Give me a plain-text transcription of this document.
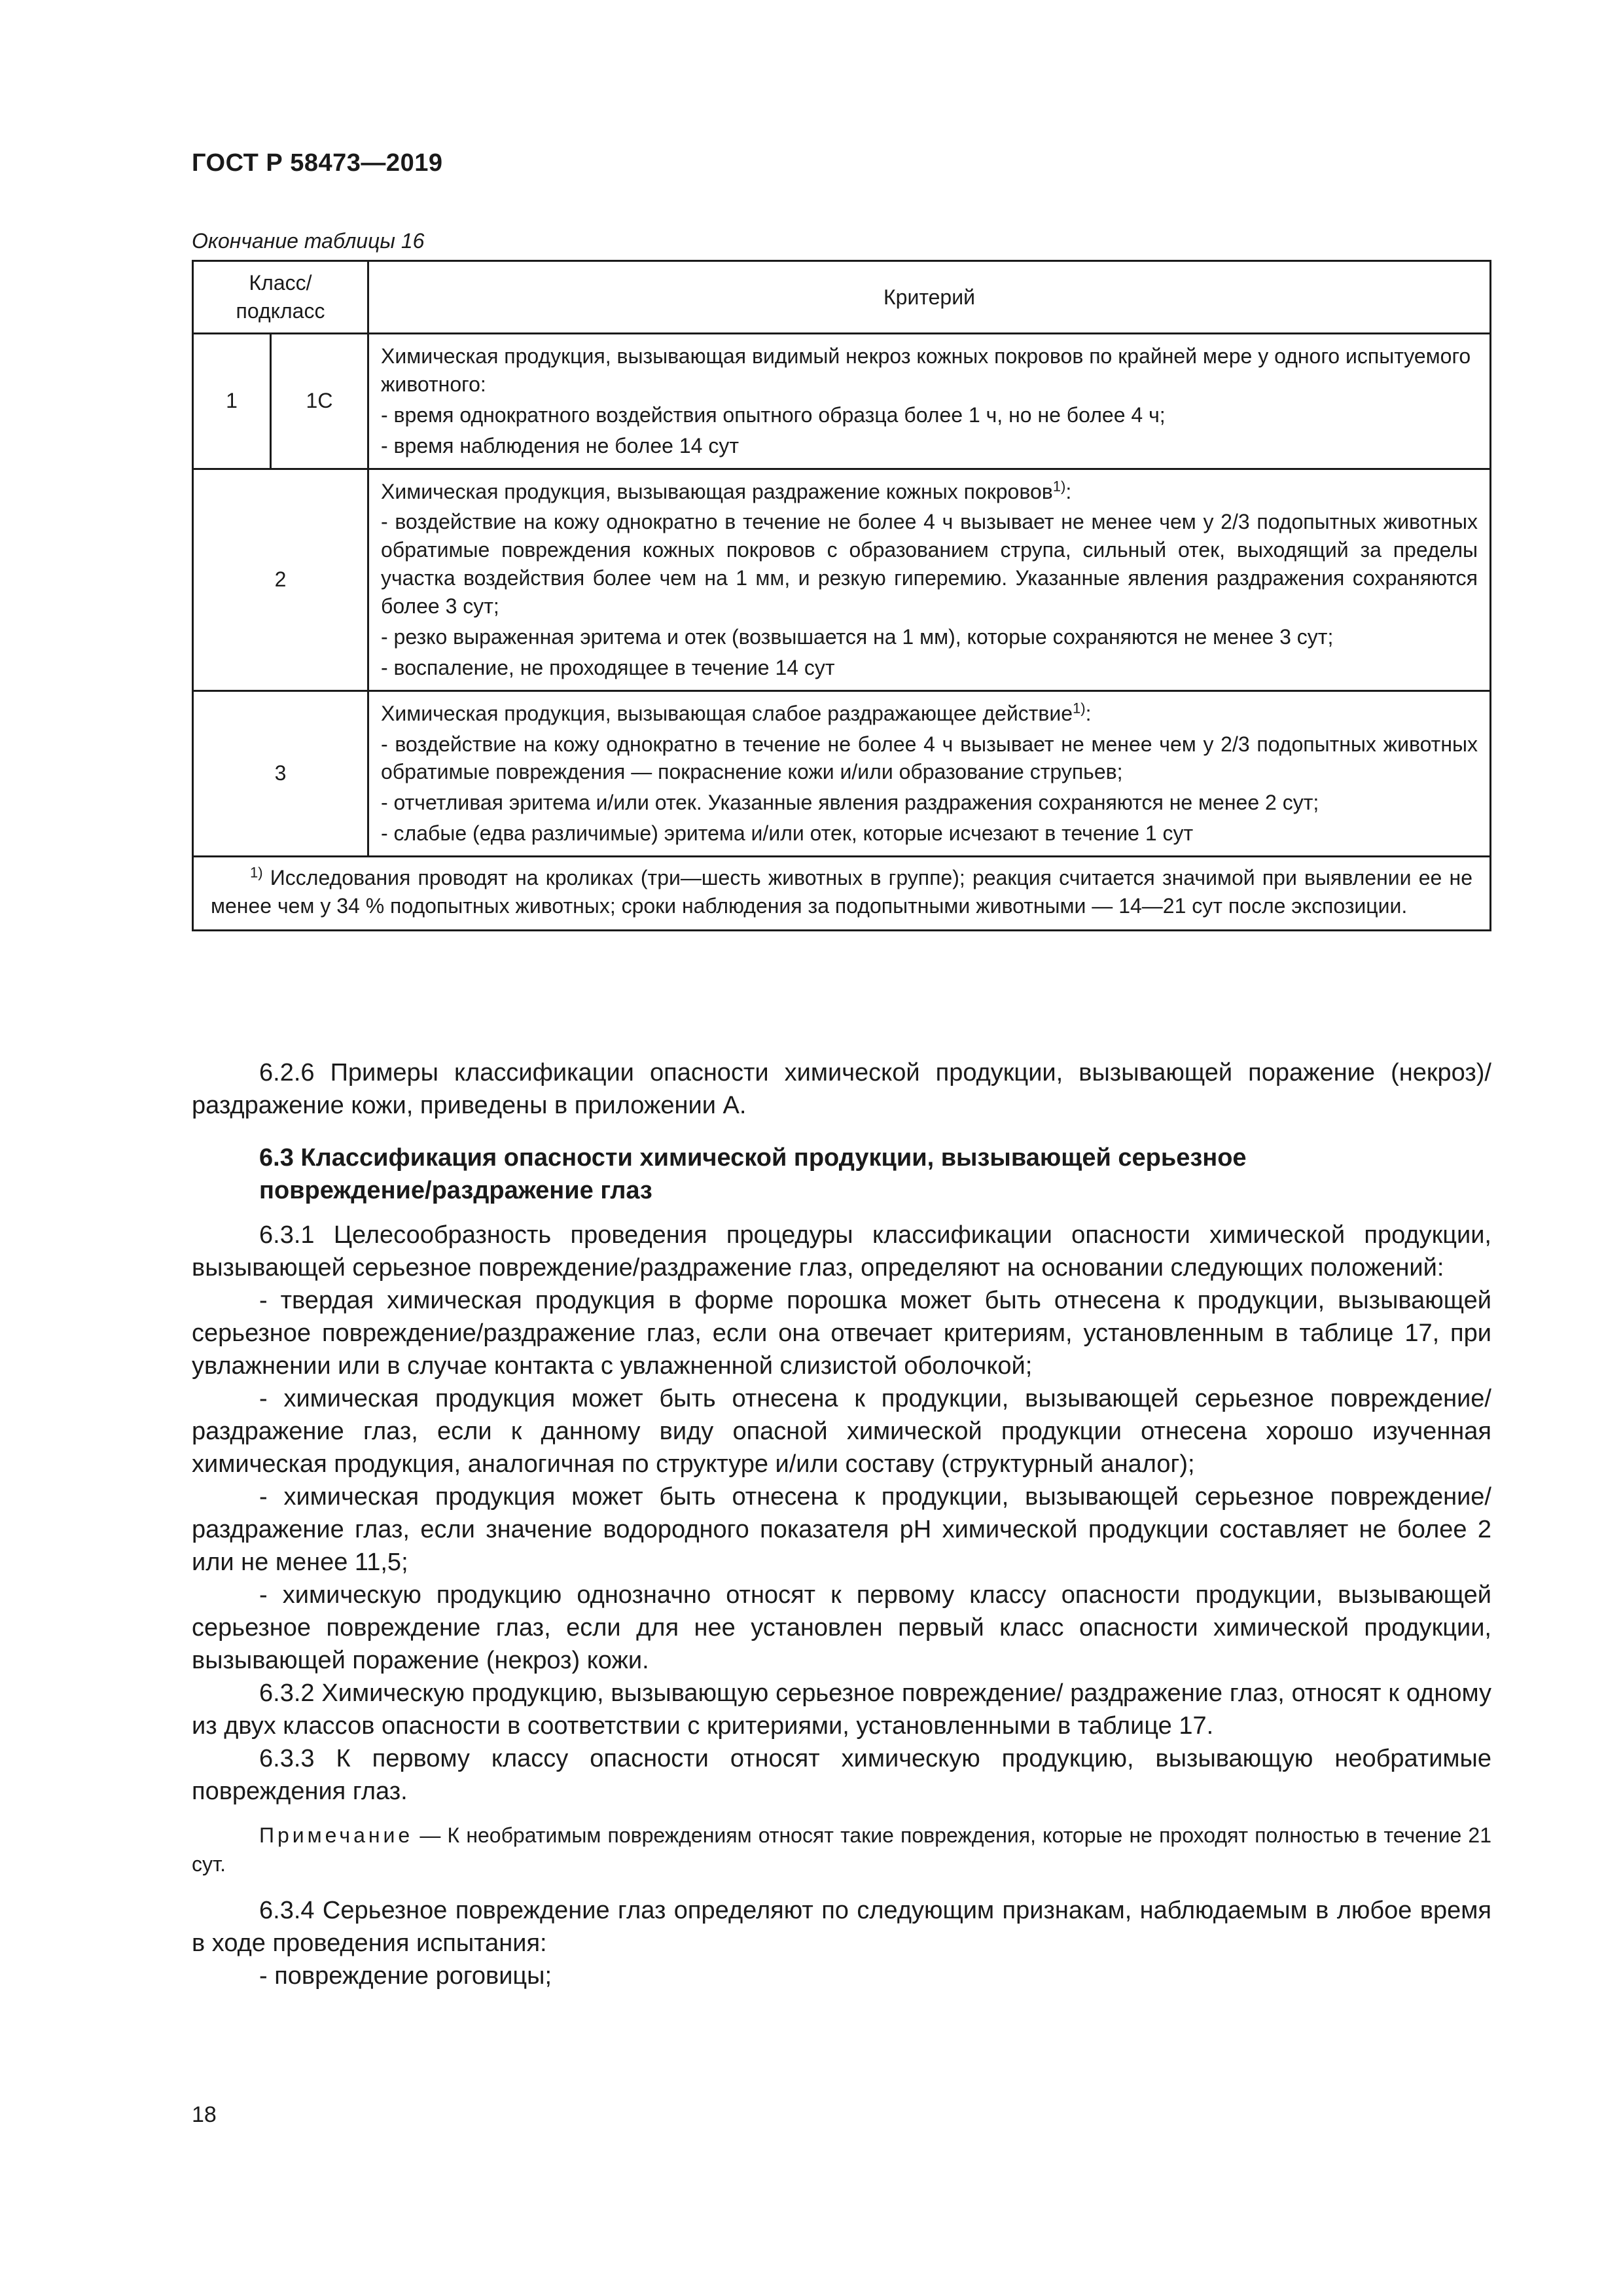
ГОСТ Р 58473—2019
Окончание таблицы 16
Класс/
подкласс		Критерий
1	1С	Химическая продукция, вызывающая видимый некроз кожных покровов по крайней мере у одного испытуемого животного:

- время однократного воздействия опытного образца более 1 ч, но не более 4 ч;

- время наблюдения не более 14 сут

2		Химическая продукция, вызывающая раздражение кожных покровов$^{1)}$:

- воздействие на кожу однократно в течение не более 4 ч вызывает не менее чем у 2/3 подопытных животных обратимые повреждения кожных покровов с образованием струпа, сильный отек, выходящий за пределы участка воздействия более чем на 1 мм, и резкую гиперемию. Указанные явления раздражения сохраняются более 3 сут;

- резко выраженная эритема и отек (возвышается на 1 мм), которые сохраняются не менее 3 сут;

- воспаление, не проходящее в течение 14 сут

3		Химическая продукция, вызывающая слабое раздражающее действие$^{1)}$:

- воздействие на кожу однократно в течение не более 4 ч вызывает не менее чем у 2/3 подопытных животных обратимые повреждения — покраснение кожи и/или образование струпьев;

- отчетливая эритема и/или отек. Указанные явления раздражения сохраняются не менее 2 сут;

- слабые (едва различимые) эритема и/или отек, которые исчезают в течение 1 сут

$^{1)}$ Исследования проводят на кроликах (три—шесть животных в группе); реакция считается значимой при выявлении ее не менее чем у 34 % подопытных животных; сроки наблюдения за подопытными животными — 14—21 сут после экспозиции.		

6.2.6 Примеры классификации опасности химической продукции, вызывающей поражение (некроз)/раздражение кожи, приведены в приложении А.

6.3 Классификация опасности химической продукции, вызывающей серьезное
повреждение/раздражение глаз

6.3.1 Целесообразность проведения процедуры классификации опасности химической продукции, вызывающей серьезное повреждение/раздражение глаз, определяют на основании следующих положений:

- твердая химическая продукция в форме порошка может быть отнесена к продукции, вызывающей серьезное повреждение/раздражение глаз, если она отвечает критериям, установленным в таблице 17, при увлажнении или в случае контакта с увлажненной слизистой оболочкой;

- химическая продукция может быть отнесена к продукции, вызывающей серьезное повреждение/раздражение глаз, если к данному виду опасной химической продукции отнесена хорошо изученная химическая продукция, аналогичная по структуре и/или составу (структурный аналог);

- химическая продукция может быть отнесена к продукции, вызывающей серьезное повреждение/раздражение глаз, если значение водородного показателя pH химической продукции составляет не более 2 или не менее 11,5;

- химическую продукцию однозначно относят к первому классу опасности продукции, вызывающей серьезное повреждение глаз, если для нее установлен первый класс опасности химической продукции, вызывающей поражение (некроз) кожи.

6.3.2 Химическую продукцию, вызывающую серьезное повреждение/ раздражение глаз, относят к одному из двух классов опасности в соответствии с критериями, установленными в таблице 17.

6.3.3 К первому классу опасности относят химическую продукцию, вызывающую необратимые повреждения глаз.

Примечание — К необратимым повреждениям относят такие повреждения, которые не проходят полностью в течение 21 сут.

6.3.4 Серьезное повреждение глаз определяют по следующим признакам, наблюдаемым в любое время в ходе проведения испытания:

- повреждение роговицы;

18
